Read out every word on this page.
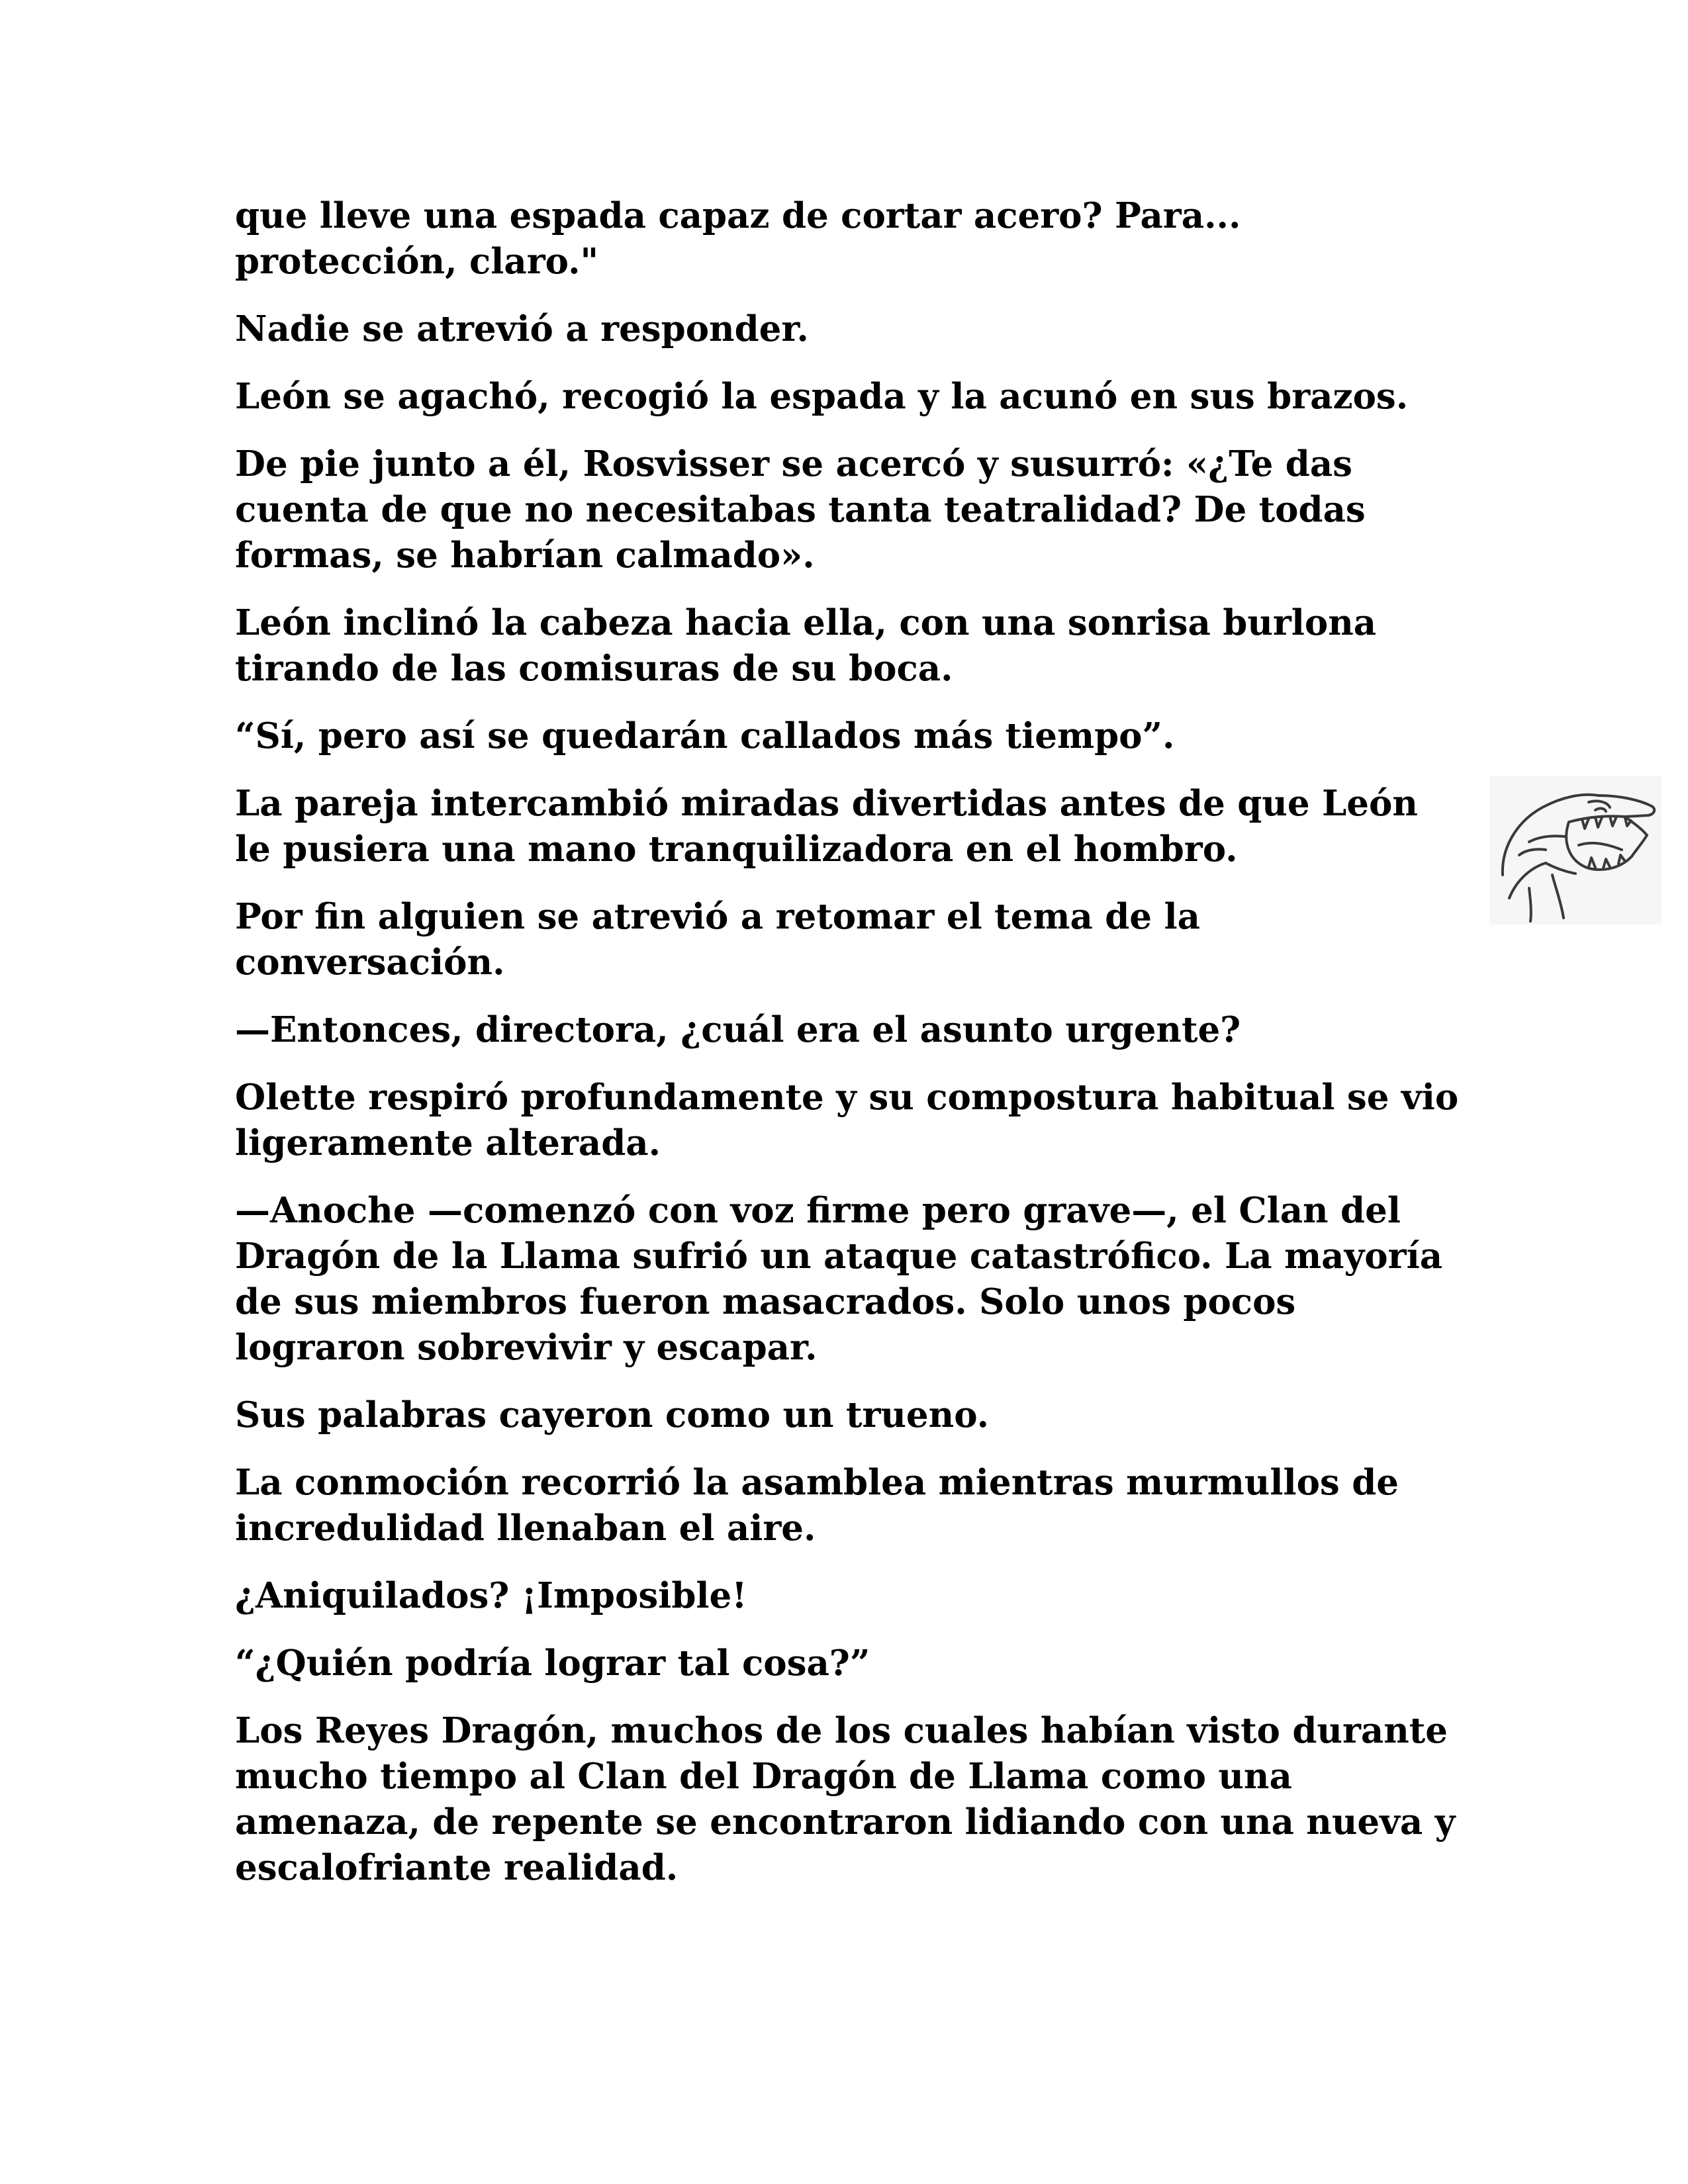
que lleve una espada capaz de cortar acero? Para... protección, claro."

Nadie se atrevió a responder.

León se agachó, recogió la espada y la acunó en sus brazos.

De pie junto a él, Rosvisser se acercó y susurró: «¿Te das cuenta de que no necesitabas tanta teatralidad? De todas formas, se habrían calmado».

León inclinó la cabeza hacia ella, con una sonrisa burlona tirando de las comisuras de su boca.

“Sí, pero así se quedarán callados más tiempo”.

La pareja intercambió miradas divertidas antes de que León le pusiera una mano tranquilizadora en el hombro.

Por fin alguien se atrevió a retomar el tema de la conversación.

—Entonces, directora, ¿cuál era el asunto urgente?

Olette respiró profundamente y su compostura habitual se vio ligeramente alterada.

—Anoche —comenzó con voz firme pero grave—, el Clan del Dragón de la Llama sufrió un ataque catastrófico. La mayoría de sus miembros fueron masacrados. Solo unos pocos lograron sobrevivir y escapar.

Sus palabras cayeron como un trueno.

La conmoción recorrió la asamblea mientras murmullos de incredulidad llenaban el aire.

¿Aniquilados? ¡Imposible!

“¿Quién podría lograr tal cosa?”

Los Reyes Dragón, muchos de los cuales habían visto durante mucho tiempo al Clan del Dragón de Llama como una amenaza, de repente se encontraron lidiando con una nueva y escalofriante realidad.
